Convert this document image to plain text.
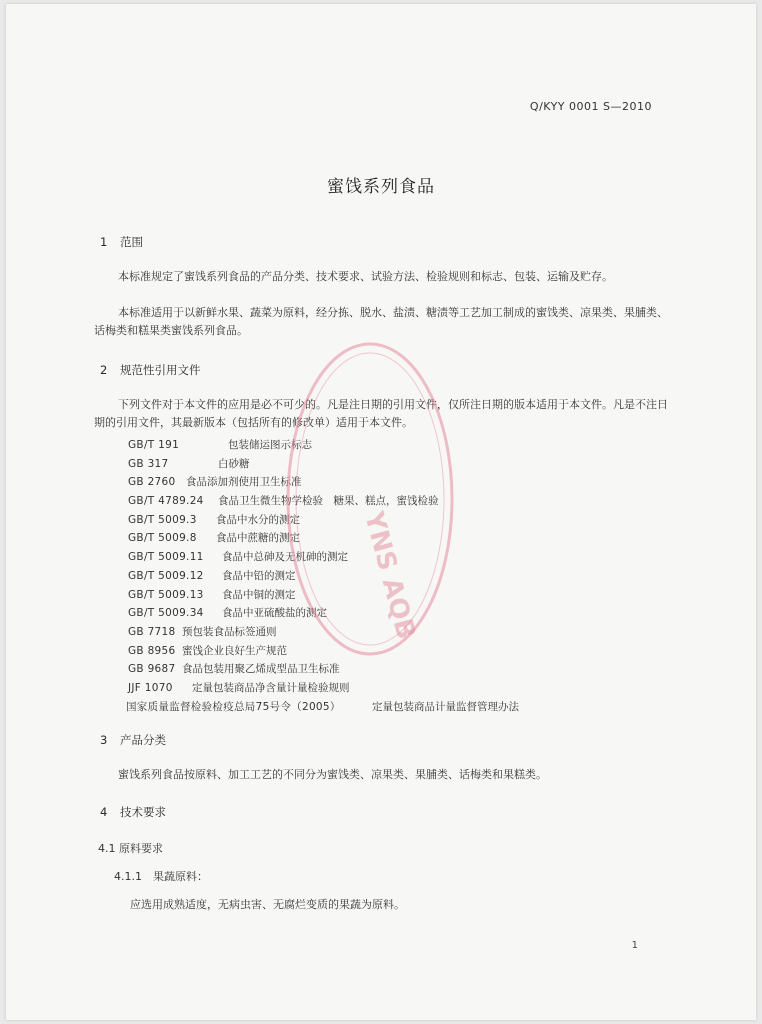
Q/KYY 0001 S—2010
蜜饯系列食品
1 范围
本标准规定了蜜饯系列食品的产品分类、技术要求、试验方法、检验规则和标志、包装、运输及贮存。
本标准适用于以新鲜水果、蔬菜为原料，经分拣、脱水、盐渍、糖渍等工艺加工制成的蜜饯类、凉果类、果脯类、话梅类和糕果类蜜饯系列食品。
2 规范性引用文件
下列文件对于本文件的应用是必不可少的。凡是注日期的引用文件，仅所注日期的版本适用于本文件。凡是不注日期的引用文件，其最新版本（包括所有的修改单）适用于本文件。
GB/T 191	包装储运图示标志
GB 317	白砂糖
GB 2760 食品添加剂使用卫生标准
GB/T 4789.24 食品卫生微生物学检验　糖果、糕点，蜜饯检验
GB/T 5009.3 食品中水分的测定
GB/T 5009.8 食品中蔗糖的测定
GB/T 5009.11 食品中总砷及无机砷的测定
GB/T 5009.12 食品中铅的测定
GB/T 5009.13 食品中铜的测定
GB/T 5009.34 食品中亚硫酸盐的测定
GB 7718 预包装食品标签通则
GB 8956 蜜饯企业良好生产规范
GB 9687 食品包装用聚乙烯成型品卫生标准
JJF 1070 定量包装商品净含量计量检验规则
国家质量监督检验检疫总局75号令（2005）	定量包装商品计量监督管理办法
3 产品分类
蜜饯系列食品按原料、加工工艺的不同分为蜜饯类、凉果类、果脯类、话梅类和果糕类。
4 技术要求
4.1 原料要求
4.1.1　果蔬原料：
应选用成熟适度，无病虫害、无腐烂变质的果蔬为原料。
1
YNS AQB
